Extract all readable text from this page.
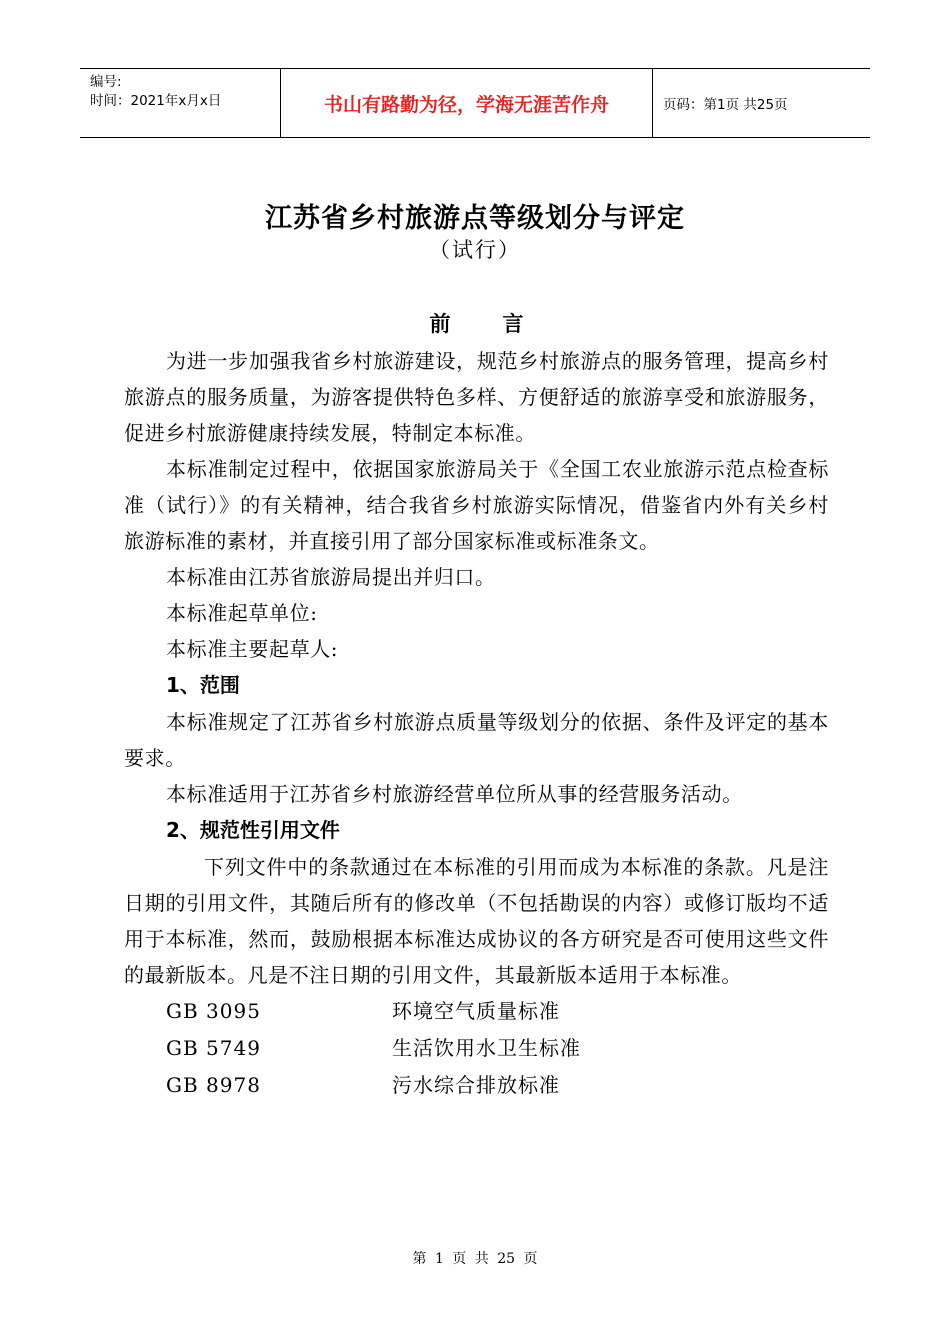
编号:
时间：2021年x月x日	书山有路勤为径，学海无涯苦作舟	页码：第1页 共25页
江苏省乡村旅游点等级划分与评定
（试行）
前言

为进一步加强我省乡村旅游建设，规范乡村旅游点的服务管理，提高乡村旅游点的服务质量，为游客提供特色多样、方便舒适的旅游享受和旅游服务，促进乡村旅游健康持续发展，特制定本标准。

本标准制定过程中，依据国家旅游局关于《全国工农业旅游示范点检查标准（试行）》的有关精神，结合我省乡村旅游实际情况，借鉴省内外有关乡村旅游标准的素材，并直接引用了部分国家标准或标准条文。

本标准由江苏省旅游局提出并归口。

本标准起草单位:

本标准主要起草人:

1、范围

本标准规定了江苏省乡村旅游点质量等级划分的依据、条件及评定的基本要求。

本标准适用于江苏省乡村旅游经营单位所从事的经营服务活动。

2、规范性引用文件

下列文件中的条款通过在本标准的引用而成为本标准的条款。凡是注日期的引用文件，其随后所有的修改单（不包括勘误的内容）或修订版均不适用于本标准，然而，鼓励根据本标准达成协议的各方研究是否可使用这些文件的最新版本。凡是不注日期的引用文件，其最新版本适用于本标准。

GB 3095	环境空气质量标准
GB 5749	生活饮用水卫生标准
GB 8978	污水综合排放标准
第 1 页 共 25 页
